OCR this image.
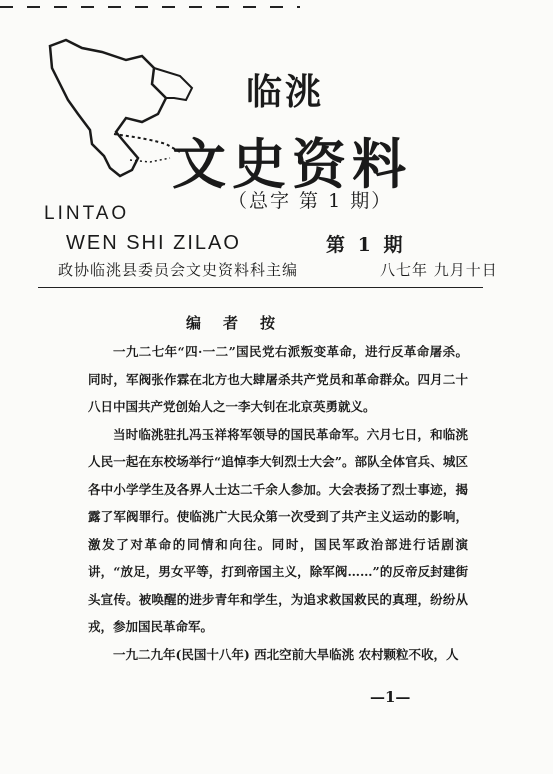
临洮
文史资料
（总字 第 1 期）
LINTAO
WEN SHI ZILAO	第 1 期
政协临洮县委员会文史资料科主编	八七年 九月十日
编者按

一九二七年“四·一二”国民党右派叛变革命，进行反革命屠杀。同时，军阀张作霖在北方也大肆屠杀共产党员和革命群众。四月二十八日中国共产党创始人之一李大钊在北京英勇就义。

当时临洮驻扎冯玉祥将军领导的国民革命军。六月七日，和临洮人民一起在东校场举行“追悼李大钊烈士大会”。部队全体官兵、城区各中小学学生及各界人士达二千余人参加。大会表扬了烈士事迹，揭露了军阀罪行。使临洮广大民众第一次受到了共产主义运动的影响，激发了对革命的同情和向往。同时，国民军政治部进行话剧演讲，“放足，男女平等，打到帝国主义，除军阀……”的反帝反封建街头宣传。被唤醒的进步青年和学生，为追求救国救民的真理，纷纷从戎，参加国民革命军。

一九二九年(民国十八年) 西北空前大旱临洮 农村颗粒不收，人

—1—
